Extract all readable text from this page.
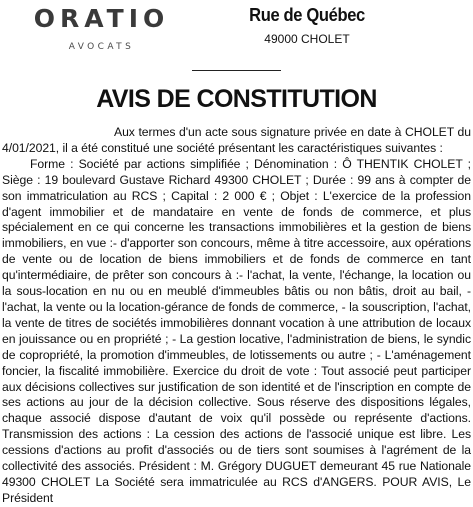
ORATIO
AVOCATS
Rue de Québec
49000 CHOLET
AVIS DE CONSTITUTION
Aux termes d'un acte sous signature privée en date à CHOLET du 4/01/2021, il a été constitué une société présentant les caractéristiques suivantes :
Forme : Société par actions simplifiée ; Dénomination : Ô THENTIK CHOLET ; Siège : 19 boulevard Gustave Richard 49300 CHOLET ; Durée : 99 ans à compter de son immatriculation au RCS ; Capital : 2 000 € ; Objet : L'exercice de la profession d'agent immobilier et de mandataire en vente de fonds de commerce, et plus spécialement en ce qui concerne les transactions immobilières et la gestion de biens immobiliers, en vue :- d'apporter son concours, même à titre accessoire, aux opérations de vente ou de location de biens immobiliers et de fonds de commerce en tant qu'intermédiaire, de prêter son concours à :- l'achat, la vente, l'échange, la location ou la sous-location en nu ou en meublé d'immeubles bâtis ou non bâtis, droit au bail, - l'achat, la vente ou la location-gérance de fonds de commerce, - la souscription, l'achat, la vente de titres de sociétés immobilières donnant vocation à une attribution de locaux en jouissance ou en propriété ; - La gestion locative, l'administration de biens, le syndic de copropriété, la promotion d'immeubles, de lotissements ou autre ; - L'aménagement foncier, la fiscalité immobilière. Exercice du droit de vote : Tout associé peut participer aux décisions collectives sur justification de son identité et de l'inscription en compte de ses actions au jour de la décision collective. Sous réserve des dispositions légales, chaque associé dispose d'autant de voix qu'il possède ou représente d'actions. Transmission des actions : La cession des actions de l'associé unique est libre. Les cessions d'actions au profit d'associés ou de tiers sont soumises à l'agrément de la collectivité des associés. Président : M. Grégory DUGUET demeurant 45 rue Nationale 49300 CHOLET La Société sera immatriculée au RCS d'ANGERS. POUR AVIS, Le Président
